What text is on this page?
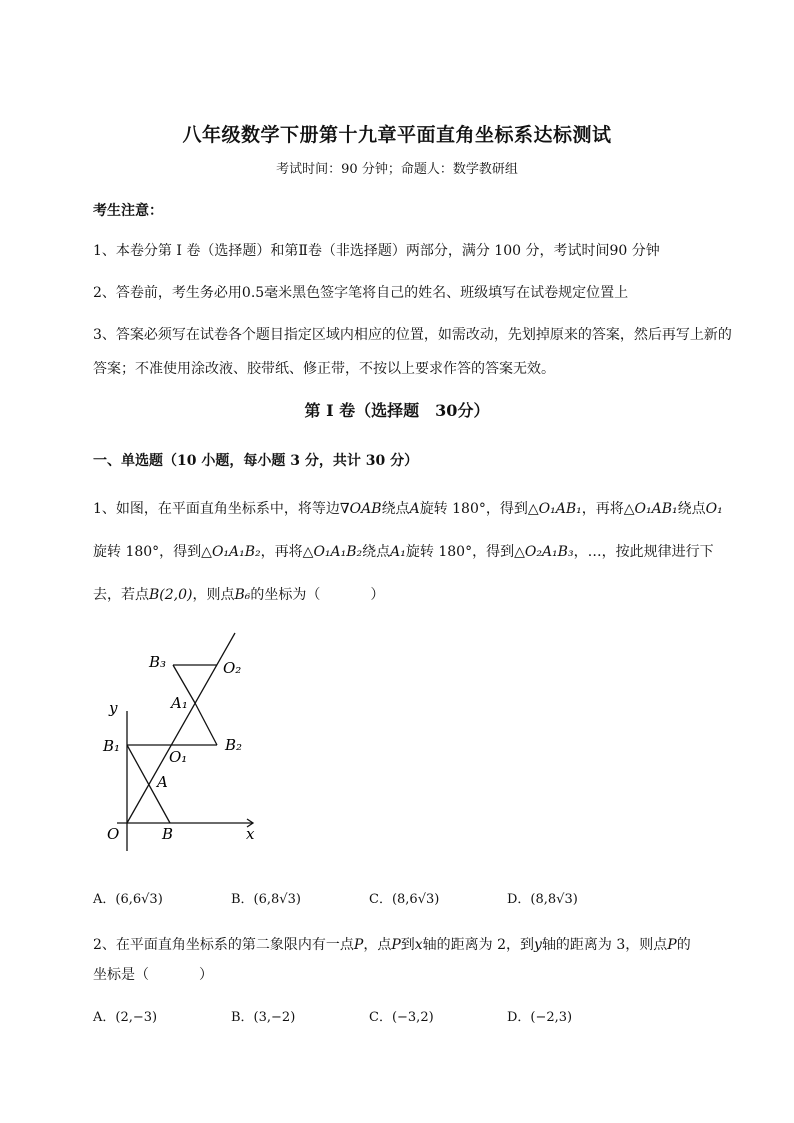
八年级数学下册第十九章平面直角坐标系达标测试
考试时间：90 分钟；命题人：数学教研组
考生注意：
1、本卷分第 I 卷（选择题）和第Ⅱ卷（非选择题）两部分，满分 100 分，考试时间90 分钟
2、答卷前，考生务必用0.5毫米黑色签字笔将自己的姓名、班级填写在试卷规定位置上
3、答案必须写在试卷各个题目指定区域内相应的位置，如需改动，先划掉原来的答案，然后再写上新的答案；不准使用涂改液、胶带纸、修正带，不按以上要求作答的答案无效。
第 I 卷（选择题　30分）
一、单选题（10 小题，每小题 3 分，共计 30 分）
1、如图，在平面直角坐标系中，将等边∇OAB绕点A旋转 180°，得到△O₁AB₁，再将△O₁AB₁绕点O₁
旋转 180°，得到△O₁A₁B₂，再将△O₁A₁B₂绕点A₁旋转 180°，得到△O₂A₁B₃，…，按此规律进行下
去，若点B(2,0)，则点B₆的坐标为（	）
y
x
O	B
A
B₁
O₁
B₂
A₁
B₃	O₂
A．(6,6√3)	B．(6,8√3)	C．(8,6√3)	D．(8,8√3)
2、在平面直角坐标系的第二象限内有一点P，点P到x轴的距离为 2，到y轴的距离为 3，则点P的
坐标是（	）
A．(2,−3)	B．(3,−2)	C．(−3,2)	D．(−2,3)
